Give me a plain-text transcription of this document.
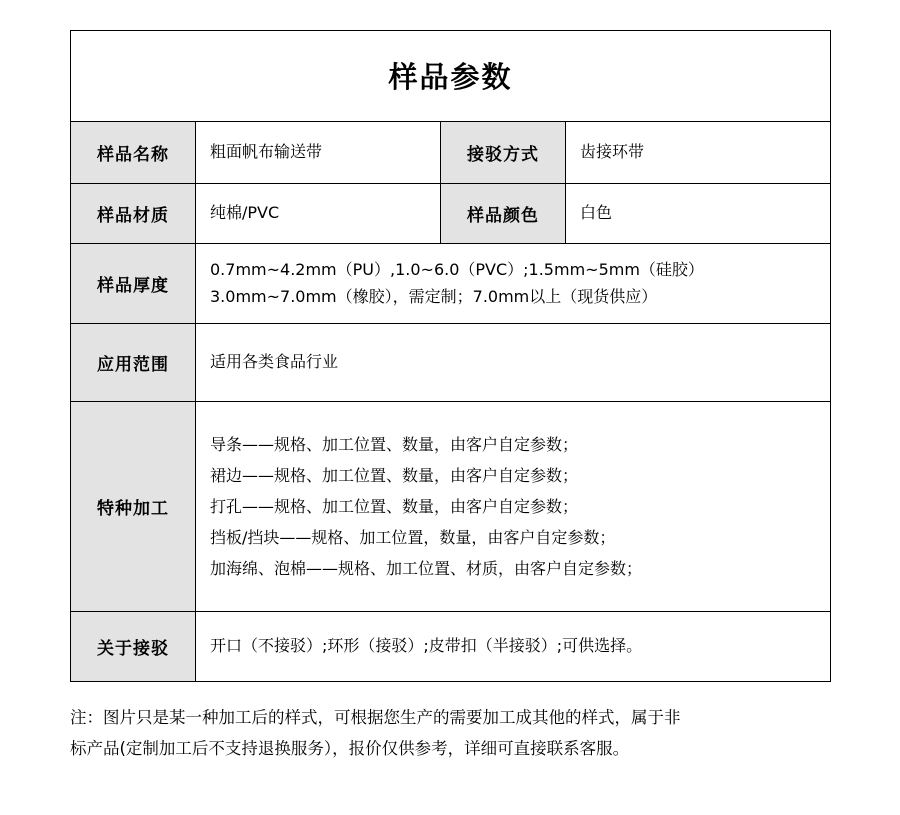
样品参数			
样品名称	粗面帆布输送带	接驳方式	齿接环带
样品材质	纯棉/PVC	样品颜色	白色
样品厚度	0.7mm~4.2mm（PU）,1.0~6.0（PVC）;1.5mm~5mm（硅胶）
3.0mm~7.0mm（橡胶），需定制；7.0mm以上（现货供应）		

应用范围	适用各类食品行业		
特种加工	导条——规格、加工位置、数量，由客户自定参数；
裙边——规格、加工位置、数量，由客户自定参数；
打孔——规格、加工位置、数量，由客户自定参数；
挡板/挡块——规格、加工位置，数量，由客户自定参数；
加海绵、泡棉——规格、加工位置、材质，由客户自定参数；		

关于接驳	开口（不接驳）;环形（接驳）;皮带扣（半接驳）;可供选择。		
注：图片只是某一种加工后的样式，可根据您生产的需要加工成其他的样式，属于非
标产品(定制加工后不支持退换服务），报价仅供参考，详细可直接联系客服。
